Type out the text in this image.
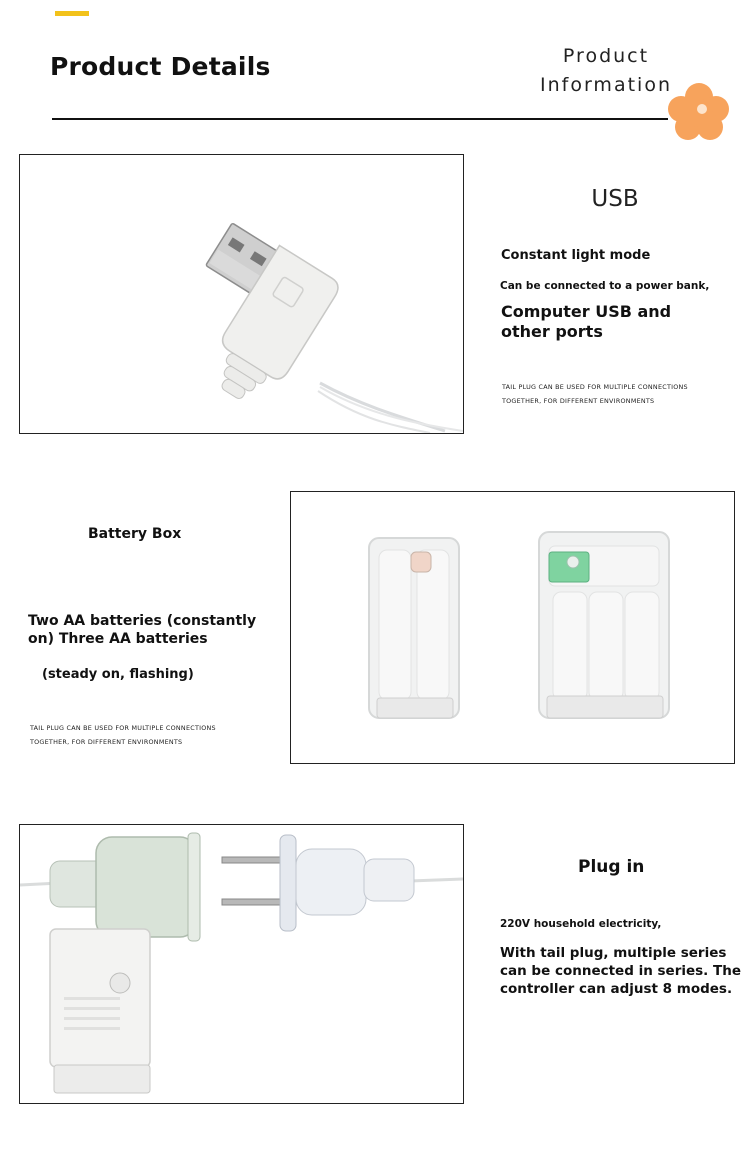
Product Details	Product
Information
USB
Constant light mode
Can be connected to a power bank,
Computer USB and
other ports
TAIL PLUG CAN BE USED FOR MULTIPLE CONNECTIONS
TOGETHER, FOR DIFFERENT ENVIRONMENTS
Battery Box
Two AA batteries (constantly
on) Three AA batteries
(steady on, flashing)
TAIL PLUG CAN BE USED FOR MULTIPLE CONNECTIONS
TOGETHER, FOR DIFFERENT ENVIRONMENTS
Plug in
220V household electricity,
With tail plug, multiple series
can be connected in series. The
controller can adjust 8 modes.
